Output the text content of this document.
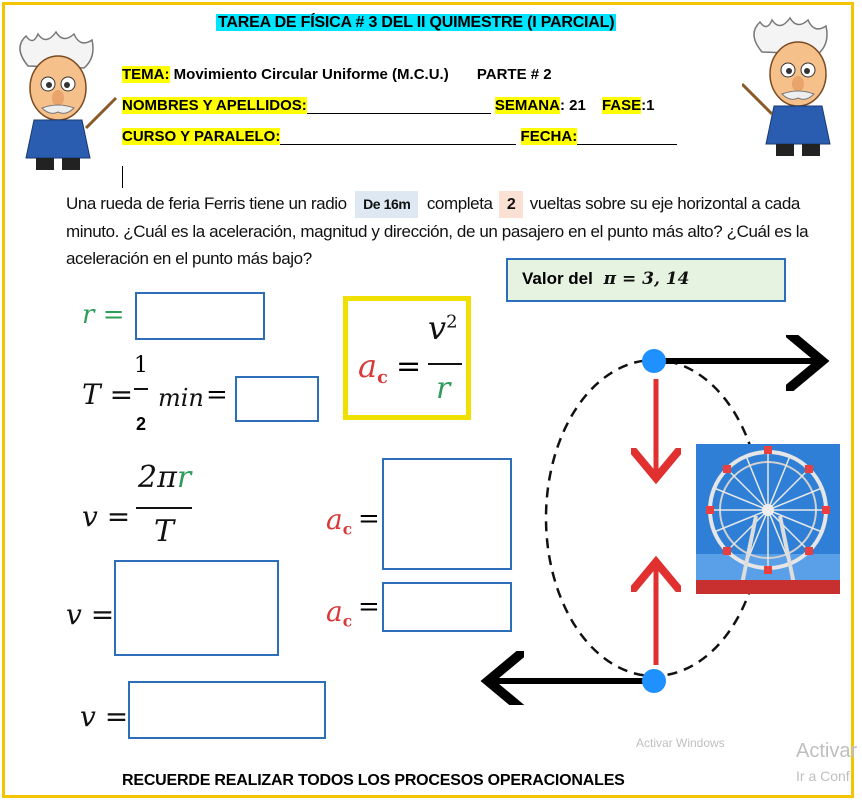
TAREA DE FÍSICA # 3 DEL II QUIMESTRE (I PARCIAL)
TEMA: Movimiento Circular Uniforme (M.C.U.) PARTE # 2
NOMBRES Y APELLIDOS:	SEMANA: 21 FASE:1
CURSO Y PARALELO:	FECHA:
Una rueda de feria Ferris tiene un radio De 16m completa 2 vueltas sobre su eje horizontal a cada minuto. ¿Cuál es la aceleración, magnitud y dirección, de un pasajero en el punto más alto? ¿Cuál es la aceleración en el punto más bajo?
Valor del π = 3, 14
r =
T =
1
2
min =
$a_c$ =
$v^2$
r
v =
2πr
T
v =
v =
$a_c$ =
$a_c$ =
Activar Windows	Activar
Ir a Conf
RECUERDE REALIZAR TODOS LOS PROCESOS OPERACIONALES
